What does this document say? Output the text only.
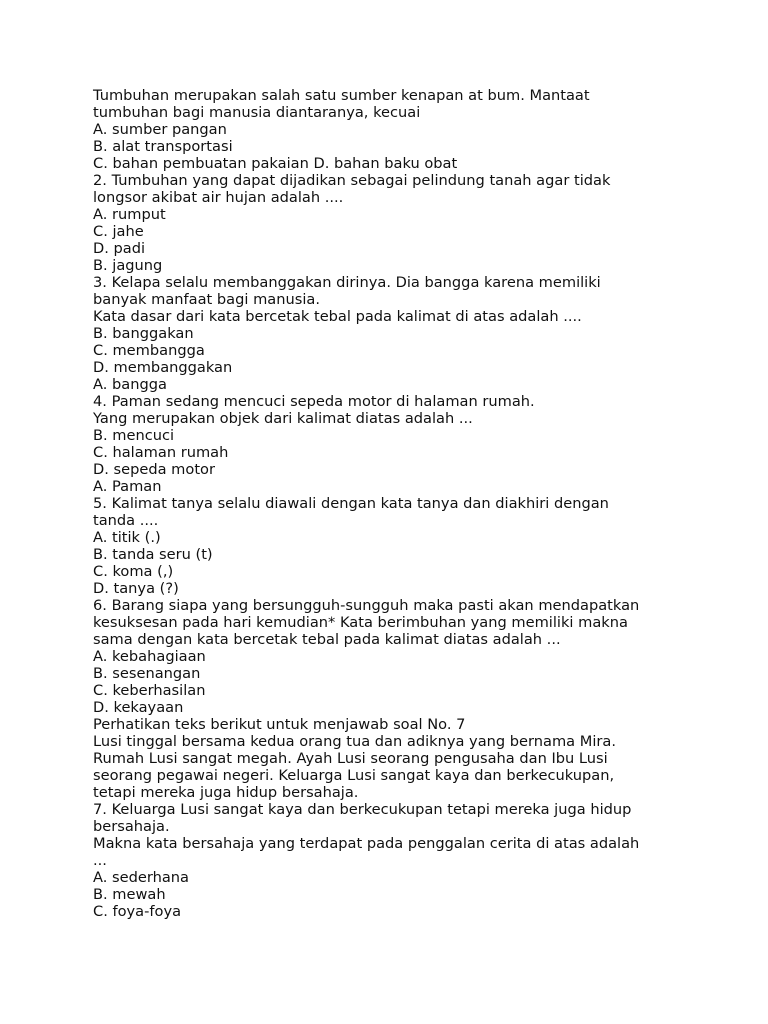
Tumbuhan merupakan salah satu sumber kenapan at bum. Mantaat
tumbuhan bagi manusia diantaranya, kecuai
A. sumber pangan
B. alat transportasi
C. bahan pembuatan pakaian D. bahan baku obat
2. Tumbuhan yang dapat dijadikan sebagai pelindung tanah agar tidak
longsor akibat air hujan adalah ....
A. rumput
C. jahe
D. padi
B. jagung
3. Kelapa selalu membanggakan dirinya. Dia bangga karena memiliki
banyak manfaat bagi manusia.
Kata dasar dari kata bercetak tebal pada kalimat di atas adalah ....
B. banggakan
C. membangga
D. membanggakan
A. bangga
4. Paman sedang mencuci sepeda motor di halaman rumah.
Yang merupakan objek dari kalimat diatas adalah ...
B. mencuci
C. halaman rumah
D. sepeda motor
A. Paman
5. Kalimat tanya selalu diawali dengan kata tanya dan diakhiri dengan
tanda ....
A. titik (.)
B. tanda seru (t)
C. koma (,)
D. tanya (?)
6. Barang siapa yang bersungguh-sungguh maka pasti akan mendapatkan
kesuksesan pada hari kemudian* Kata berimbuhan yang memiliki makna
sama dengan kata bercetak tebal pada kalimat diatas adalah ...
A. kebahagiaan
B. sesenangan
C. keberhasilan
D. kekayaan
Perhatikan teks berikut untuk menjawab soal No. 7
Lusi tinggal bersama kedua orang tua dan adiknya yang bernama Mira.
Rumah Lusi sangat megah. Ayah Lusi seorang pengusaha dan Ibu Lusi
seorang pegawai negeri. Keluarga Lusi sangat kaya dan berkecukupan,
tetapi mereka juga hidup bersahaja.
7. Keluarga Lusi sangat kaya dan berkecukupan tetapi mereka juga hidup
bersahaja.
Makna kata bersahaja yang terdapat pada penggalan cerita di atas adalah
...
A. sederhana
B. mewah
C. foya-foya
